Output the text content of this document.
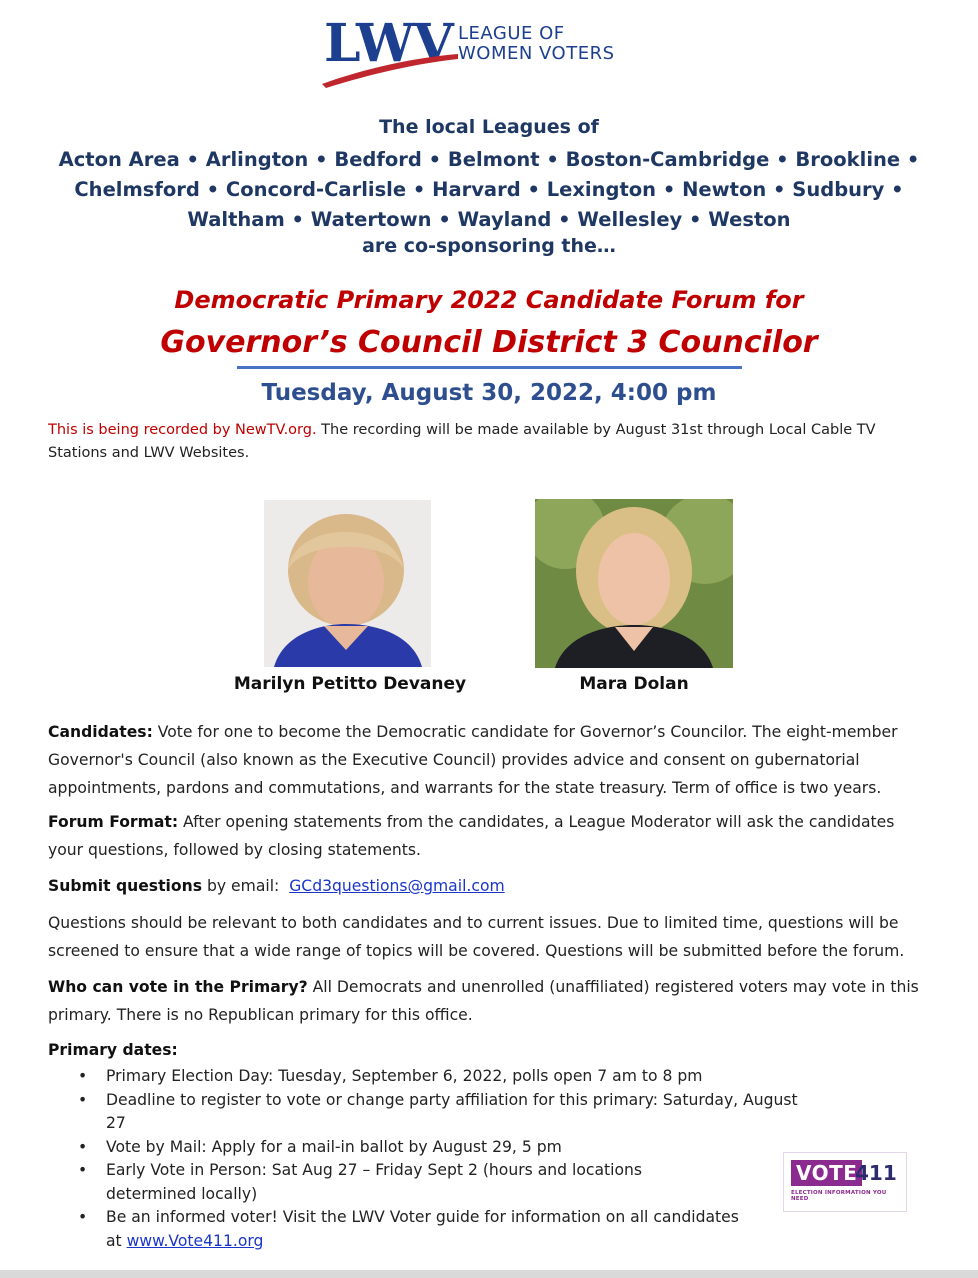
LWV LEAGUE OF
WOMEN VOTERS
The local Leagues of
Acton Area • Arlington • Bedford • Belmont • Boston-Cambridge • Brookline •
Chelmsford • Concord-Carlisle • Harvard • Lexington • Newton • Sudbury •
Waltham • Watertown • Wayland • Wellesley • Weston
are co-sponsoring the…
Democratic Primary 2022 Candidate Forum for
Governor’s Council District 3 Councilor
Tuesday, August 30, 2022, 4:00 pm
This is being recorded by NewTV.org. The recording will be made available by August 31st through Local Cable TV Stations and LWV Websites.
Marilyn Petitto Devaney	Mara Dolan
Candidates: Vote for one to become the Democratic candidate for Governor’s Councilor. The eight-member Governor's Council (also known as the Executive Council) provides advice and consent on gubernatorial appointments, pardons and commutations, and warrants for the state treasury. Term of office is two years.
Forum Format: After opening statements from the candidates, a League Moderator will ask the candidates your questions, followed by closing statements.
Submit questions by email:  GCd3questions@gmail.com
Questions should be relevant to both candidates and to current issues. Due to limited time, questions will be screened to ensure that a wide range of topics will be covered. Questions will be submitted before the forum.
Who can vote in the Primary? All Democrats and unenrolled (unaffiliated) registered voters may vote in this primary. There is no Republican primary for this office.
Primary dates:
• Primary Election Day: Tuesday, September 6, 2022, polls open 7 am to 8 pm
• Deadline to register to vote or change party affiliation for this primary: Saturday, August 27
• Vote by Mail: Apply for a mail-in ballot by August 29, 5 pm
• Early Vote in Person: Sat Aug 27 – Friday Sept 2 (hours and locations determined locally)
• Be an informed voter! Visit the LWV Voter guide for information on all candidates at www.Vote411.org
VOTE
411
ELECTION INFORMATION YOU NEED
